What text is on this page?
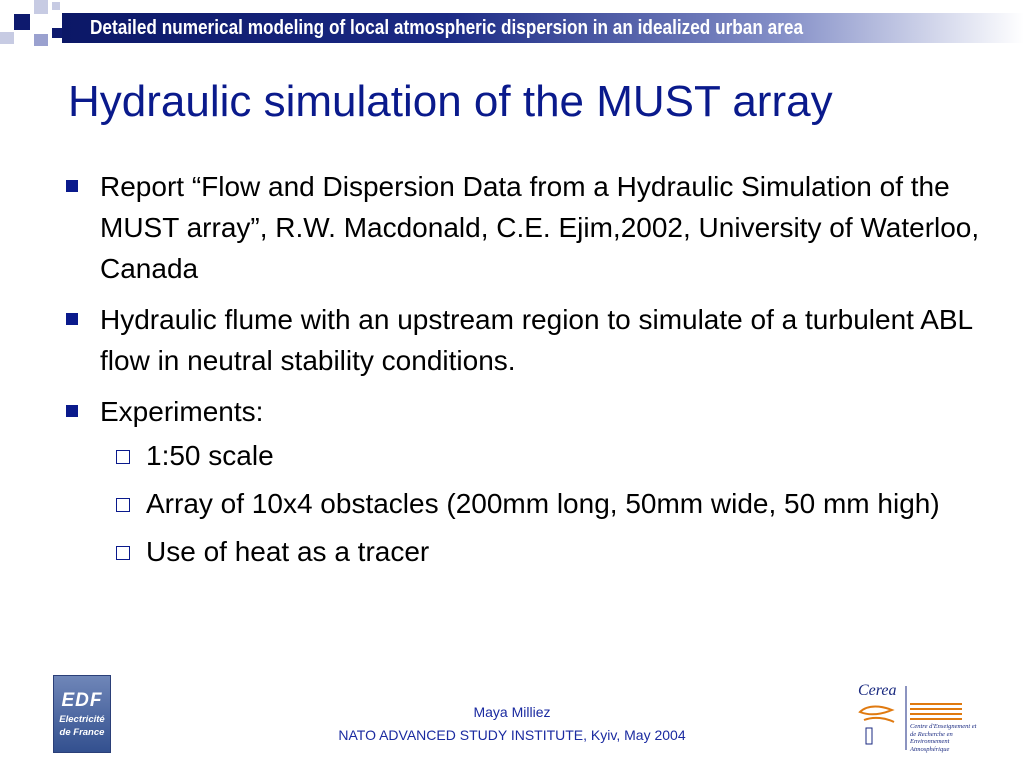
Detailed numerical modeling of local atmospheric dispersion in an idealized urban area
Hydraulic simulation of the MUST array
Report “Flow and Dispersion Data from a Hydraulic Simulation of the MUST array”, R.W. Macdonald, C.E. Ejim,2002, University of Waterloo, Canada
Hydraulic flume with an upstream region to simulate of a turbulent ABL flow in neutral stability conditions.
Experiments:
1:50 scale
Array of 10x4 obstacles (200mm long, 50mm wide, 50 mm high)
Use of heat as a tracer
EDF
Electricité
de France
Maya Milliez
NATO ADVANCED STUDY INSTITUTE, Kyiv, May 2004
Cerea
Centre d'Enseignement et de Recherche en Environnement Atmosphérique
